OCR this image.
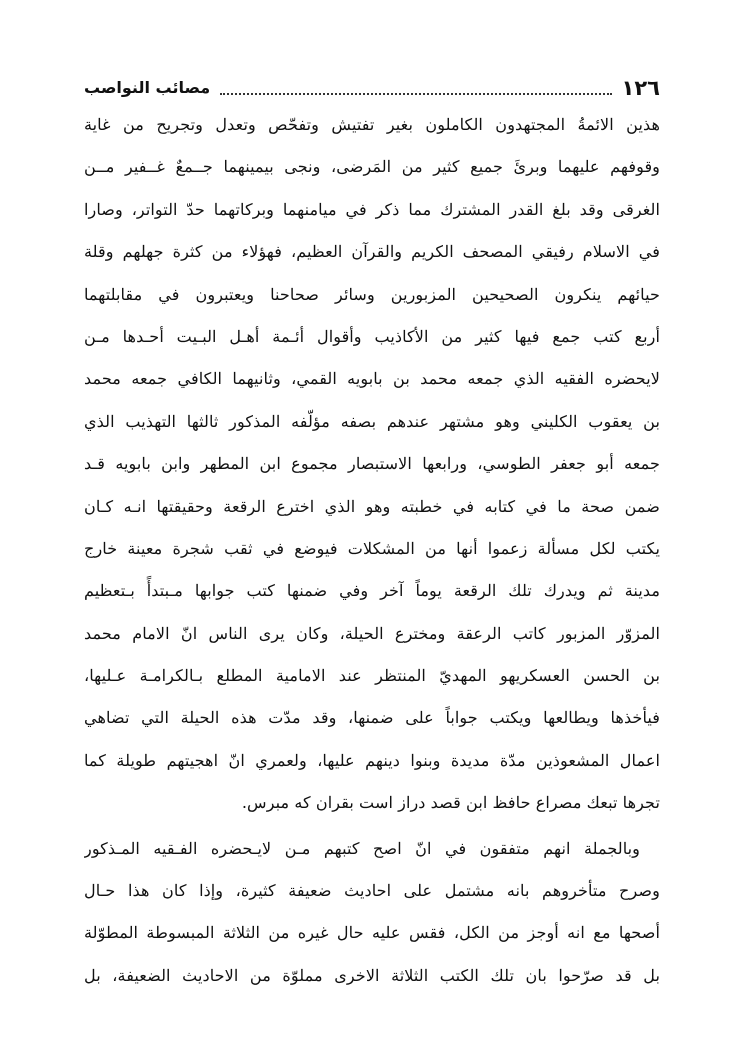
١٢٦
مصائب النواصب
هذين الائمةُ المجتهدون الكاملون بغير تفتيش وتفحّص وتعدل وتجريح من غاية
وقوفهم عليهما وبرئَ جميع كثير من المَرضى، ونجى بيمينهما جــمعٌ غــفير مــن
الغرقى وقد بلغ القدر المشترك مما ذكر في ميامنهما وبركاتهما حدّ التواتر، وصارا
في الاسلام رفيقي المصحف الكريم والقرآن العظيم، فهؤلاء من كثرة جهلهم وقلة
حيائهم ينكرون الصحيحين المزبورين وسائر صحاحنا ويعتبرون في مقابلتهما
أربع كتب جمع فيها كثير من الأكاذيب وأقوال أئـمة أهـل البـيت أحـدها مـن
لايحضره الفقيه الذي جمعه محمد بن بابويه القمي، وثانيهما الكافي جمعه محمد
بن يعقوب الكليني وهو مشتهر عندهم بصفه مؤلّفه المذكور ثالثها التهذيب الذي
جمعه أبو جعفر الطوسي، ورابعها الاستبصار مجموع ابن المطهر وابن بابويه قـد
ضمن صحة ما في كتابه في خطبته وهو الذي اخترع الرقعة وحقيقتها انـه كـان
يكتب لكل مسألة زعموا أنها من المشكلات فيوضع في ثقب شجرة معينة خارج
مدينة ثم ويدرك تلك الرقعة يوماً آخر وفي ضمنها كتب جوابها مـبتدأً بـتعظيم
المزوّر المزبور كاتب الرعقة ومخترع الحيلة، وكان يرى الناس انّ الامام محمد
بن الحسن العسكريهو المهديّ المنتظر عند الامامية المطلع بـالكرامـة عـليها،
فيأخذها ويطالعها ويكتب جواباً على ضمنها، وقد مدّت هذه الحيلة التي تضاهي
اعمال المشعوذين مدّة مديدة وبنوا دينهم عليها، ولعمري انّ اهجيتهم طويلة كما
تجرها تبعك مصراع حافظ ابن قصد دراز است بقران كه مبرس.
وبالجملة انهم متفقون في انّ اصح كتبهم مـن لايـحضره الفـقيه المـذكور
وصرح متأخروهم بانه مشتمل على احاديث ضعيفة كثيرة، وإذا كان هذا حـال
أصحها مع انه أوجز من الكل، فقس عليه حال غيره من الثلاثة المبسوطة المطوّلة
بل قد صرّحوا بان تلك الكتب الثلاثة الاخرى مملوّة من الاحاديث الضعيفة، بل
